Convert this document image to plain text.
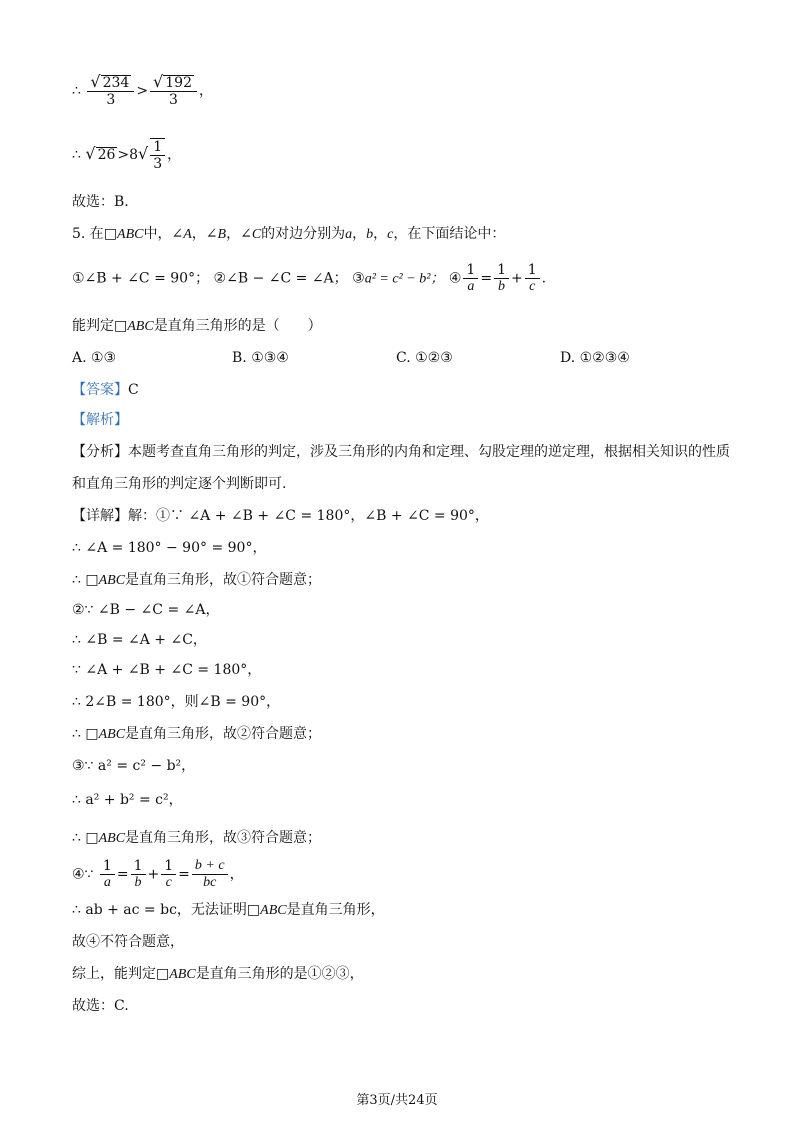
∴ $\frac{√ 234}{3} > \frac{√ 192}{3}$ ，
∴ √ $26 >8√ \frac{1}{3}$ ，
故选：B.
5. 在□ABC中，∠A，∠B，∠C的对边分别为a，b，c，在下面结论中：
①∠B + ∠C = 90°； ②∠B − ∠C = ∠A； ③a² = c² − b²； ④ $\frac{1}{a} = \frac{1}{b} + \frac{1}{c}$ .
能判定□ABC是直角三角形的是（　　）
A. ①③	B. ①③④	C. ①②③	D. ①②③④
【答案】C
【解析】
【分析】本题考查直角三角形的判定，涉及三角形的内角和定理、勾股定理的逆定理，根据相关知识的性质
和直角三角形的判定逐个判断即可.
【详解】解：①∵ ∠A + ∠B + ∠C = 180°，∠B + ∠C = 90°，
∴ ∠A = 180° − 90° = 90°，
∴ □ABC是直角三角形，故①符合题意；
②∵ ∠B − ∠C = ∠A，
∴ ∠B = ∠A + ∠C，
∵ ∠A + ∠B + ∠C = 180°，
∴ 2∠B = 180°，则∠B = 90°，
∴ □ABC是直角三角形，故②符合题意；
③∵ a² = c² − b²，
∴ a² + b² = c²，
∴ □ABC是直角三角形，故③符合题意；
④∵ $\frac{1}{a} = \frac{1}{b} + \frac{1}{c} = \frac{b + c}{bc}$ ，
∴ ab + ac = bc，无法证明□ABC是直角三角形，
故④不符合题意，
综上，能判定□ABC是直角三角形的是①②③，
故选：C.
第3页/共24页
